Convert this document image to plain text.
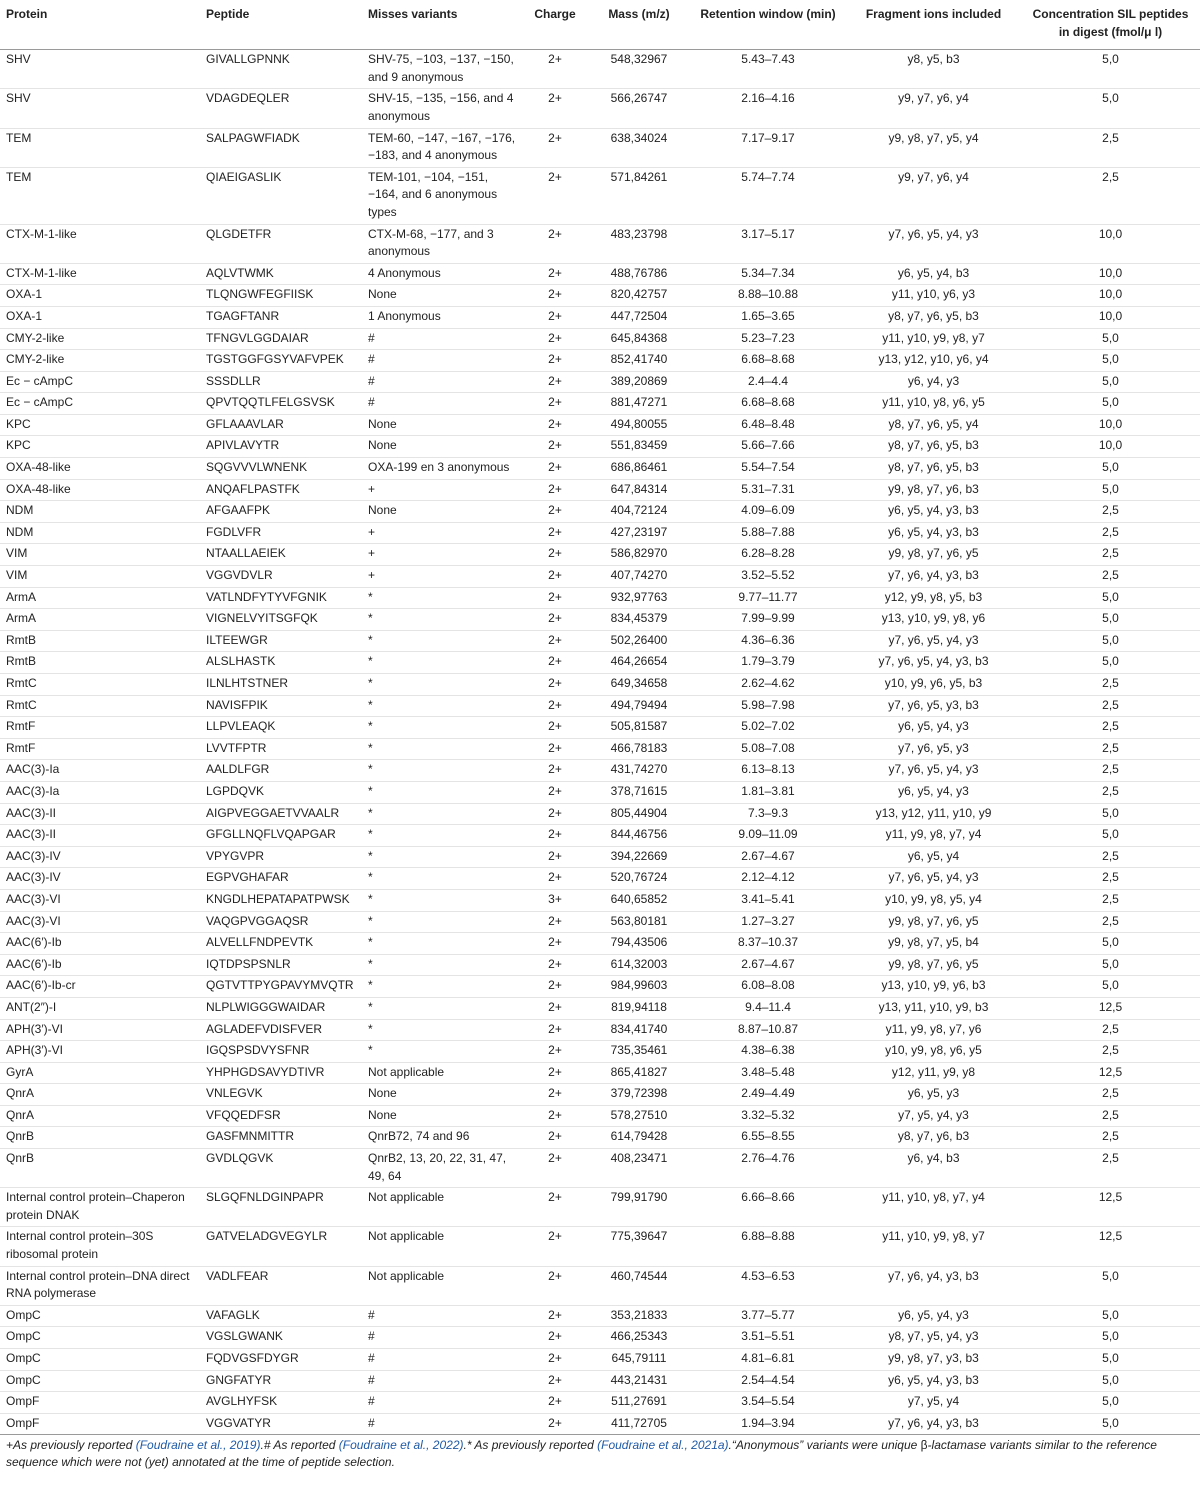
Protein	Peptide	Misses variants	Charge	Mass (m/z)	Retention window (min)	Fragment ions included	Concentration SIL peptides in digest (fmol/μ l)
SHV	GIVALLGPNNK	SHV-75, −103, −137, −150, and 9 anonymous	2+	548,32967	5.43–7.43	y8, y5, b3	5,0
SHV	VDAGDEQLER	SHV-15, −135, −156, and 4 anonymous	2+	566,26747	2.16–4.16	y9, y7, y6, y4	5,0
TEM	SALPAGWFIADK	TEM-60, −147, −167, −176, −183, and 4 anonymous	2+	638,34024	7.17–9.17	y9, y8, y7, y5, y4	2,5
TEM	QIAEIGASLIK	TEM-101, −104, −151, −164, and 6 anonymous types	2+	571,84261	5.74–7.74	y9, y7, y6, y4	2,5
CTX-M-1-like	QLGDETFR	CTX-M-68, −177, and 3 anonymous	2+	483,23798	3.17–5.17	y7, y6, y5, y4, y3	10,0
CTX-M-1-like	AQLVTWMK	4 Anonymous	2+	488,76786	5.34–7.34	y6, y5, y4, b3	10,0
OXA-1	TLQNGWFEGFIISK	None	2+	820,42757	8.88–10.88	y11, y10, y6, y3	10,0
OXA-1	TGAGFTANR	1 Anonymous	2+	447,72504	1.65–3.65	y8, y7, y6, y5, b3	10,0
CMY-2-like	TFNGVLGGDAIAR	#	2+	645,84368	5.23–7.23	y11, y10, y9, y8, y7	5,0
CMY-2-like	TGSTGGFGSYVAFVPEK	#	2+	852,41740	6.68–8.68	y13, y12, y10, y6, y4	5,0
Ec − cAmpC	SSSDLLR	#	2+	389,20869	2.4–4.4	y6, y4, y3	5,0
Ec − cAmpC	QPVTQQTLFELGSVSK	#	2+	881,47271	6.68–8.68	y11, y10, y8, y6, y5	5,0
KPC	GFLAAAVLAR	None	2+	494,80055	6.48–8.48	y8, y7, y6, y5, y4	10,0
KPC	APIVLAVYTR	None	2+	551,83459	5.66–7.66	y8, y7, y6, y5, b3	10,0
OXA-48-like	SQGVVVLWNENK	OXA-199 en 3 anonymous	2+	686,86461	5.54–7.54	y8, y7, y6, y5, b3	5,0
OXA-48-like	ANQAFLPASTFK	+	2+	647,84314	5.31–7.31	y9, y8, y7, y6, b3	5,0
NDM	AFGAAFPK	None	2+	404,72124	4.09–6.09	y6, y5, y4, y3, b3	2,5
NDM	FGDLVFR	+	2+	427,23197	5.88–7.88	y6, y5, y4, y3, b3	2,5
VIM	NTAALLAEIEK	+	2+	586,82970	6.28–8.28	y9, y8, y7, y6, y5	2,5
VIM	VGGVDVLR	+	2+	407,74270	3.52–5.52	y7, y6, y4, y3, b3	2,5
ArmA	VATLNDFYTYVFGNIK	*	2+	932,97763	9.77–11.77	y12, y9, y8, y5, b3	5,0
ArmA	VIGNELVYITSGFQK	*	2+	834,45379	7.99–9.99	y13, y10, y9, y8, y6	5,0
RmtB	ILTEEWGR	*	2+	502,26400	4.36–6.36	y7, y6, y5, y4, y3	5,0
RmtB	ALSLHASTK	*	2+	464,26654	1.79–3.79	y7, y6, y5, y4, y3, b3	5,0
RmtC	ILNLHTSTNER	*	2+	649,34658	2.62–4.62	y10, y9, y6, y5, b3	2,5
RmtC	NAVISFPIK	*	2+	494,79494	5.98–7.98	y7, y6, y5, y3, b3	2,5
RmtF	LLPVLEAQK	*	2+	505,81587	5.02–7.02	y6, y5, y4, y3	2,5
RmtF	LVVTFPTR	*	2+	466,78183	5.08–7.08	y7, y6, y5, y3	2,5
AAC(3)-Ia	AALDLFGR	*	2+	431,74270	6.13–8.13	y7, y6, y5, y4, y3	2,5
AAC(3)-Ia	LGPDQVK	*	2+	378,71615	1.81–3.81	y6, y5, y4, y3	2,5
AAC(3)-II	AIGPVEGGAETVVAALR	*	2+	805,44904	7.3–9.3	y13, y12, y11, y10, y9	5,0
AAC(3)-II	GFGLLNQFLVQAPGAR	*	2+	844,46756	9.09–11.09	y11, y9, y8, y7, y4	5,0
AAC(3)-IV	VPYGVPR	*	2+	394,22669	2.67–4.67	y6, y5, y4	2,5
AAC(3)-IV	EGPVGHAFAR	*	2+	520,76724	2.12–4.12	y7, y6, y5, y4, y3	2,5
AAC(3)-VI	KNGDLHEPATAPATPWSK	*	3+	640,65852	3.41–5.41	y10, y9, y8, y5, y4	2,5
AAC(3)-VI	VAQGPVGGAQSR	*	2+	563,80181	1.27–3.27	y9, y8, y7, y6, y5	2,5
AAC(6′)-Ib	ALVELLFNDPEVTK	*	2+	794,43506	8.37–10.37	y9, y8, y7, y5, b4	5,0
AAC(6′)-Ib	IQTDPSPSNLR	*	2+	614,32003	2.67–4.67	y9, y8, y7, y6, y5	5,0
AAC(6′)-Ib-cr	QGTVTTPYGPAVYMVQTR	*	2+	984,99603	6.08–8.08	y13, y10, y9, y6, b3	5,0
ANT(2″)-I	NLPLWIGGGWAIDAR	*	2+	819,94118	9.4–11.4	y13, y11, y10, y9, b3	12,5
APH(3′)-VI	AGLADEFVDISFVER	*	2+	834,41740	8.87–10.87	y11, y9, y8, y7, y6	2,5
APH(3′)-VI	IGQSPSDVYSFNR	*	2+	735,35461	4.38–6.38	y10, y9, y8, y6, y5	2,5
GyrA	YHPHGDSAVYDTIVR	Not applicable	2+	865,41827	3.48–5.48	y12, y11, y9, y8	12,5
QnrA	VNLEGVK	None	2+	379,72398	2.49–4.49	y6, y5, y3	2,5
QnrA	VFQQEDFSR	None	2+	578,27510	3.32–5.32	y7, y5, y4, y3	2,5
QnrB	GASFMNMITTR	QnrB72, 74 and 96	2+	614,79428	6.55–8.55	y8, y7, y6, b3	2,5
QnrB	GVDLQGVK	QnrB2, 13, 20, 22, 31, 47, 49, 64	2+	408,23471	2.76–4.76	y6, y4, b3	2,5
Internal control protein–Chaperon protein DNAK	SLGQFNLDGINPAPR	Not applicable	2+	799,91790	6.66–8.66	y11, y10, y8, y7, y4	12,5
Internal control protein–30S ribosomal protein	GATVELADGVEGYLR	Not applicable	2+	775,39647	6.88–8.88	y11, y10, y9, y8, y7	12,5
Internal control protein–DNA direct RNA polymerase	VADLFEAR	Not applicable	2+	460,74544	4.53–6.53	y7, y6, y4, y3, b3	5,0
OmpC	VAFAGLK	#	2+	353,21833	3.77–5.77	y6, y5, y4, y3	5,0
OmpC	VGSLGWANK	#	2+	466,25343	3.51–5.51	y8, y7, y5, y4, y3	5,0
OmpC	FQDVGSFDYGR	#	2+	645,79111	4.81–6.81	y9, y8, y7, y3, b3	5,0
OmpC	GNGFATYR	#	2+	443,21431	2.54–4.54	y6, y5, y4, y3, b3	5,0
OmpF	AVGLHYFSK	#	2+	511,27691	3.54–5.54	y7, y5, y4	5,0
OmpF	VGGVATYR	#	2+	411,72705	1.94–3.94	y7, y6, y4, y3, b3	5,0
+As previously reported (Foudraine et al., 2019).# As reported (Foudraine et al., 2022).* As previously reported (Foudraine et al., 2021a).“Anonymous” variants were unique β-lactamase variants similar to the reference sequence which were not (yet) annotated at the time of peptide selection.
